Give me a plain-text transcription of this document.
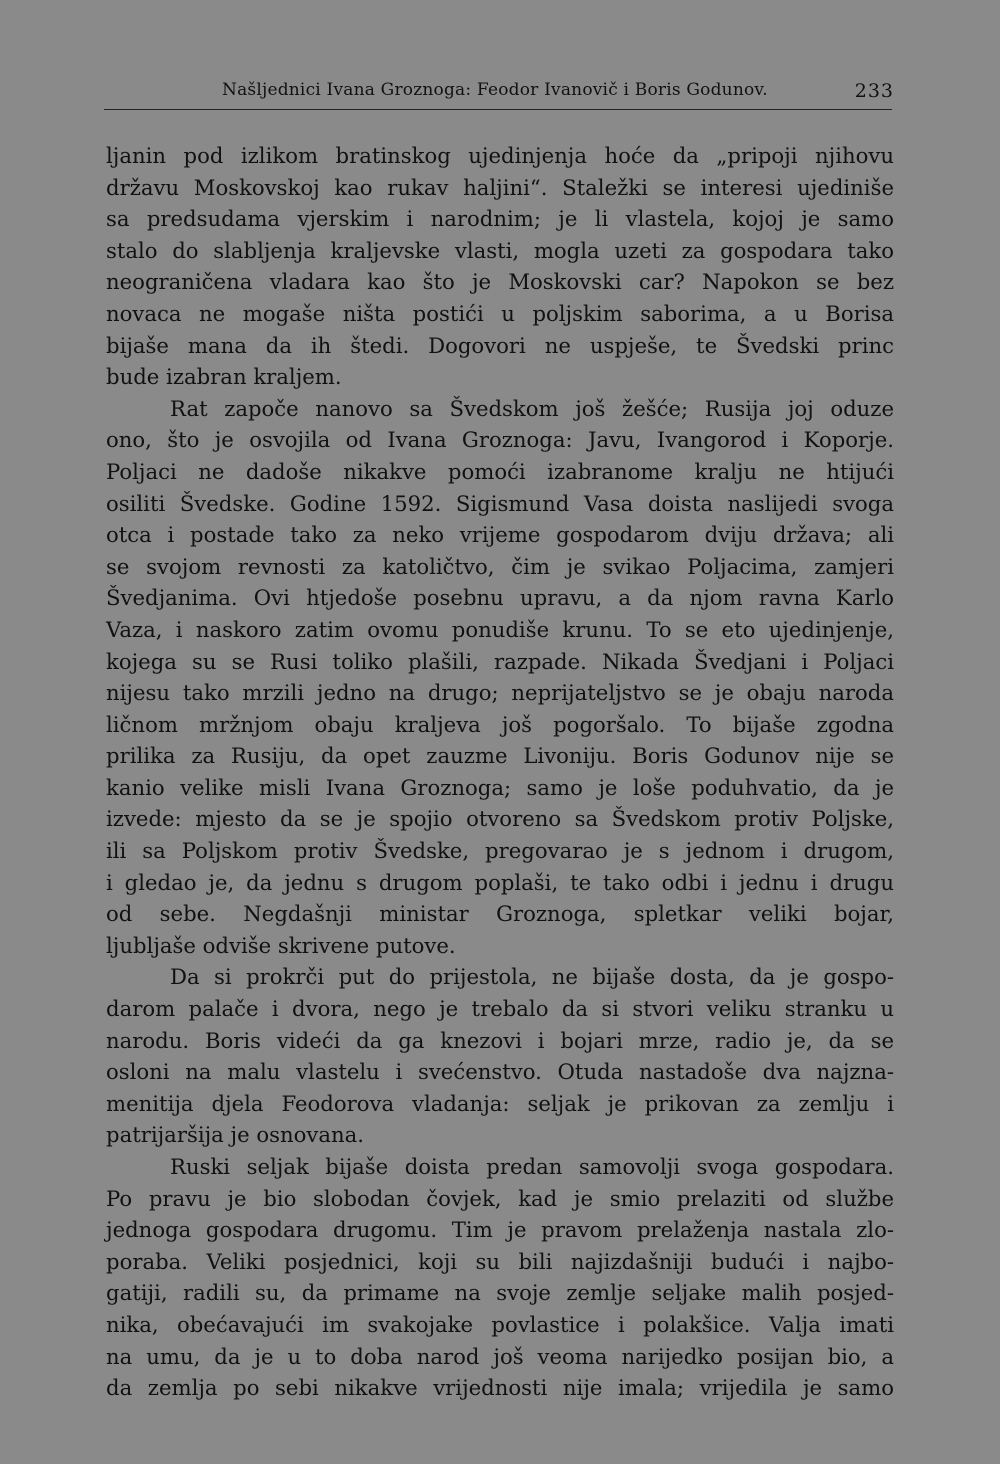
Našljednici Ivana Groznoga: Feodor Ivanovič i Boris Godunov.	233
ljanin pod izlikom bratinskog ujedinjenja hoće da „pripoji njihovu
državu Moskovskoj kao rukav haljini“. Staležki se interesi ujediniše
sa predsudama vjerskim i narodnim; je li vlastela, kojoj je samo
stalo do slabljenja kraljevske vlasti, mogla uzeti za gospodara tako
neograničena vladara kao što je Moskovski car? Napokon se bez
novaca ne mogaše ništa postići u poljskim saborima, a u Borisa
bijaše mana da ih štedi. Dogovori ne uspješe, te Švedski princ
bude izabran kraljem.
Rat započe nanovo sa Švedskom još žešće; Rusija joj oduze
ono, što je osvojila od Ivana Groznoga: Javu, Ivangorod i Koporje.
Poljaci ne dadoše nikakve pomoći izabranome kralju ne htijući
osiliti Švedske. Godine 1592. Sigismund Vasa doista naslijedi svoga
otca i postade tako za neko vrijeme gospodarom dviju država; ali
se svojom revnosti za katoličtvo, čim je svikao Poljacima, zamjeri
Švedjanima. Ovi htjedoše posebnu upravu, a da njom ravna Karlo
Vaza, i naskoro zatim ovomu ponudiše krunu. To se eto ujedinjenje,
kojega su se Rusi toliko plašili, razpade. Nikada Švedjani i Poljaci
nijesu tako mrzili jedno na drugo; neprijateljstvo se je obaju naroda
ličnom mržnjom obaju kraljeva još pogoršalo. To bijaše zgodna
prilika za Rusiju, da opet zauzme Livoniju. Boris Godunov nije se
kanio velike misli Ivana Groznoga; samo je loše poduhvatio, da je
izvede: mjesto da se je spojio otvoreno sa Švedskom protiv Poljske,
ili sa Poljskom protiv Švedske, pregovarao je s jednom i drugom,
i gledao je, da jednu s drugom poplaši, te tako odbi i jednu i drugu
od sebe. Negdašnji ministar Groznoga, spletkar veliki bojar,
ljubljaše odviše skrivene putove.
Da si prokrči put do prijestola, ne bijaše dosta, da je gospo-
darom palače i dvora, nego je trebalo da si stvori veliku stranku u
narodu. Boris videći da ga knezovi i bojari mrze, radio je, da se
osloni na malu vlastelu i svećenstvo. Otuda nastadoše dva najzna-
menitija djela Feodorova vladanja: seljak je prikovan za zemlju i
patrijaršija je osnovana.
Ruski seljak bijaše doista predan samovolji svoga gospodara.
Po pravu je bio slobodan čovjek, kad je smio prelaziti od službe
jednoga gospodara drugomu. Tim je pravom prelaženja nastala zlo-
poraba. Veliki posjednici, koji su bili najizdašniji budući i najbo-
gatiji, radili su, da primame na svoje zemlje seljake malih posjed-
nika, obećavajući im svakojake povlastice i polakšice. Valja imati
na umu, da je u to doba narod još veoma narijedko posijan bio, a
da zemlja po sebi nikakve vrijednosti nije imala; vrijedila je samo
